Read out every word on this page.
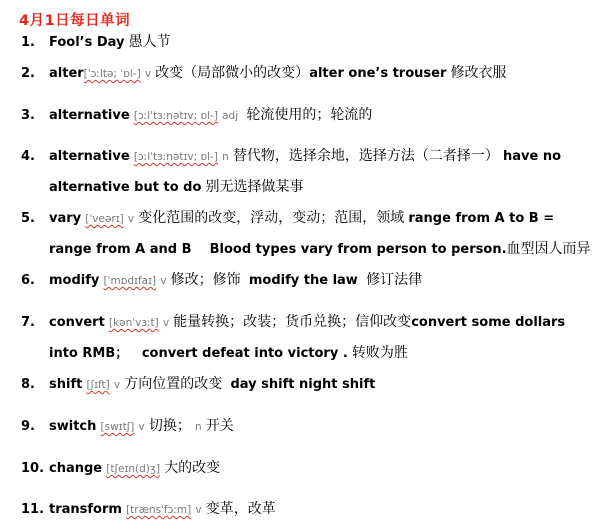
4月1日每日单词
1. Fool’s Day 愚人节
2. alter[ˈɔːltə; ˈɒl-] v 改变（局部微小的改变）alter one’s trouser 修改衣服
3. alternative [ɔːlˈtɜːnətɪv; ɒl-] adj 轮流使用的；轮流的
4. alternative [ɔːlˈtɜːnətɪv; ɒl-] n 替代物，选择余地，选择方法（二者择一） have no
alternative but to do 别无选择做某事
5. vary [ˈveərɪ] v 变化范围的改变，浮动，变动；范围，领域 range from A to B =
range from A and B    Blood types vary from person to person.血型因人而异
6. modify [ˈmɒdɪfaɪ] v 修改；修饰 modify the law 修订法律
7. convert [kənˈvɜːt] v 能量转换；改装；货币兑换；信仰改变convert some dollars
into RMB；   convert defeat into victory . 转败为胜
8. shift [ʃɪft] v 方向位置的改变 day shift night shift
9. switch [swɪtʃ] v 切换； n 开关
10. change [tʃeɪn(d)ʒ] 大的改变
11. transform [trænsˈfɔːm] v 变革，改革
